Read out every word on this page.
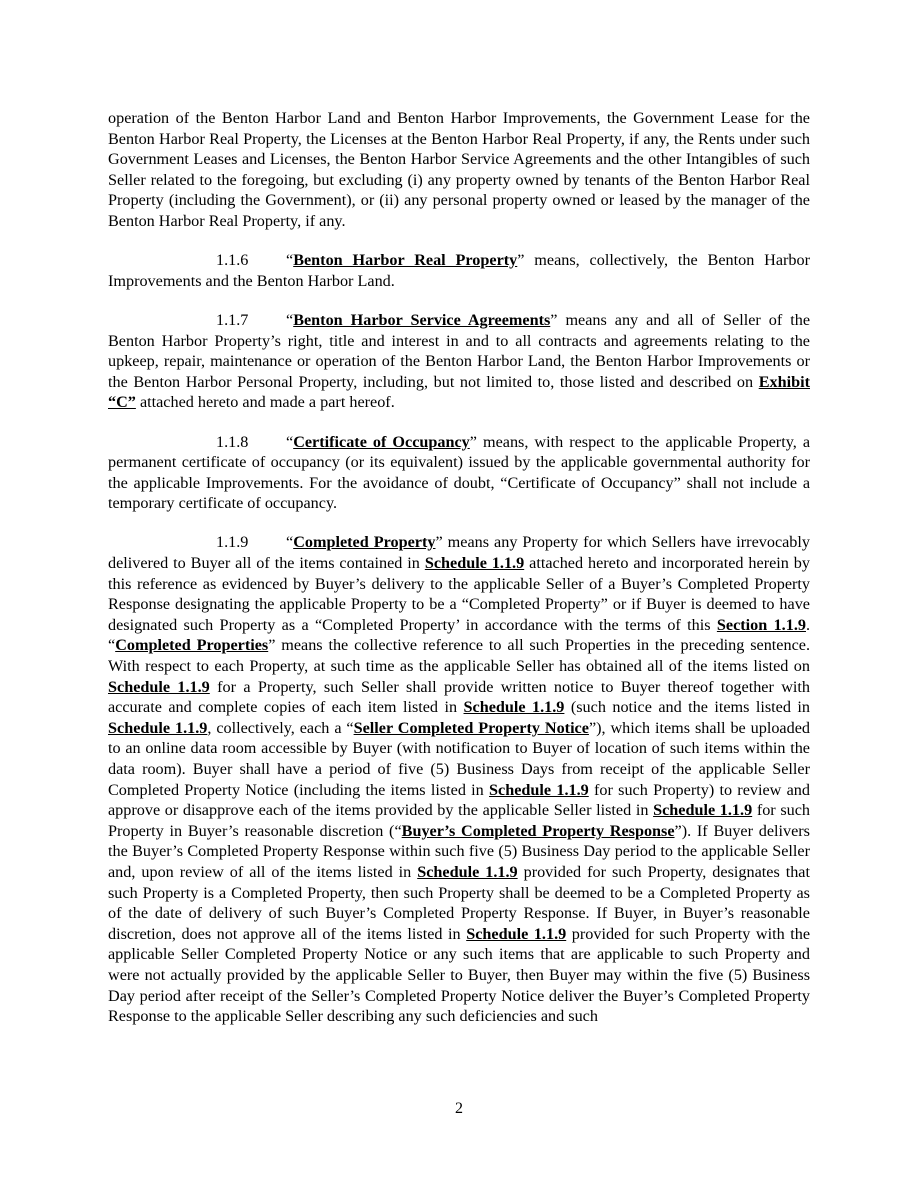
operation of the Benton Harbor Land and Benton Harbor Improvements, the Government Lease for the Benton Harbor Real Property, the Licenses at the Benton Harbor Real Property, if any, the Rents under such Government Leases and Licenses, the Benton Harbor Service Agreements and the other Intangibles of such Seller related to the foregoing, but excluding (i) any property owned by tenants of the Benton Harbor Real Property (including the Government), or (ii) any personal property owned or leased by the manager of the Benton Harbor Real Property, if any.

1.1.6 “Benton Harbor Real Property” means, collectively, the Benton Harbor Improvements and the Benton Harbor Land.

1.1.7 “Benton Harbor Service Agreements” means any and all of Seller of the Benton Harbor Property’s right, title and interest in and to all contracts and agreements relating to the upkeep, repair, maintenance or operation of the Benton Harbor Land, the Benton Harbor Improvements or the Benton Harbor Personal Property, including, but not limited to, those listed and described on Exhibit “C” attached hereto and made a part hereof.

1.1.8 “Certificate of Occupancy” means, with respect to the applicable Property, a permanent certificate of occupancy (or its equivalent) issued by the applicable governmental authority for the applicable Improvements. For the avoidance of doubt, “Certificate of Occupancy” shall not include a temporary certificate of occupancy.

1.1.9 “Completed Property” means any Property for which Sellers have irrevocably delivered to Buyer all of the items contained in Schedule 1.1.9 attached hereto and incorporated herein by this reference as evidenced by Buyer’s delivery to the applicable Seller of a Buyer’s Completed Property Response designating the applicable Property to be a “Completed Property” or if Buyer is deemed to have designated such Property as a “Completed Property’ in accordance with the terms of this Section 1.1.9. “Completed Properties” means the collective reference to all such Properties in the preceding sentence. With respect to each Property, at such time as the applicable Seller has obtained all of the items listed on Schedule 1.1.9 for a Property, such Seller shall provide written notice to Buyer thereof together with accurate and complete copies of each item listed in Schedule 1.1.9 (such notice and the items listed in Schedule 1.1.9, collectively, each a “Seller Completed Property Notice”), which items shall be uploaded to an online data room accessible by Buyer (with notification to Buyer of location of such items within the data room). Buyer shall have a period of five (5) Business Days from receipt of the applicable Seller Completed Property Notice (including the items listed in Schedule 1.1.9 for such Property) to review and approve or disapprove each of the items provided by the applicable Seller listed in Schedule 1.1.9 for such Property in Buyer’s reasonable discretion (“Buyer’s Completed Property Response”). If Buyer delivers the Buyer’s Completed Property Response within such five (5) Business Day period to the applicable Seller and, upon review of all of the items listed in Schedule 1.1.9 provided for such Property, designates that such Property is a Completed Property, then such Property shall be deemed to be a Completed Property as of the date of delivery of such Buyer’s Completed Property Response. If Buyer, in Buyer’s reasonable discretion, does not approve all of the items listed in Schedule 1.1.9 provided for such Property with the applicable Seller Completed Property Notice or any such items that are applicable to such Property and were not actually provided by the applicable Seller to Buyer, then Buyer may within the five (5) Business Day period after receipt of the Seller’s Completed Property Notice deliver the Buyer’s Completed Property Response to the applicable Seller describing any such deficiencies and such

2
